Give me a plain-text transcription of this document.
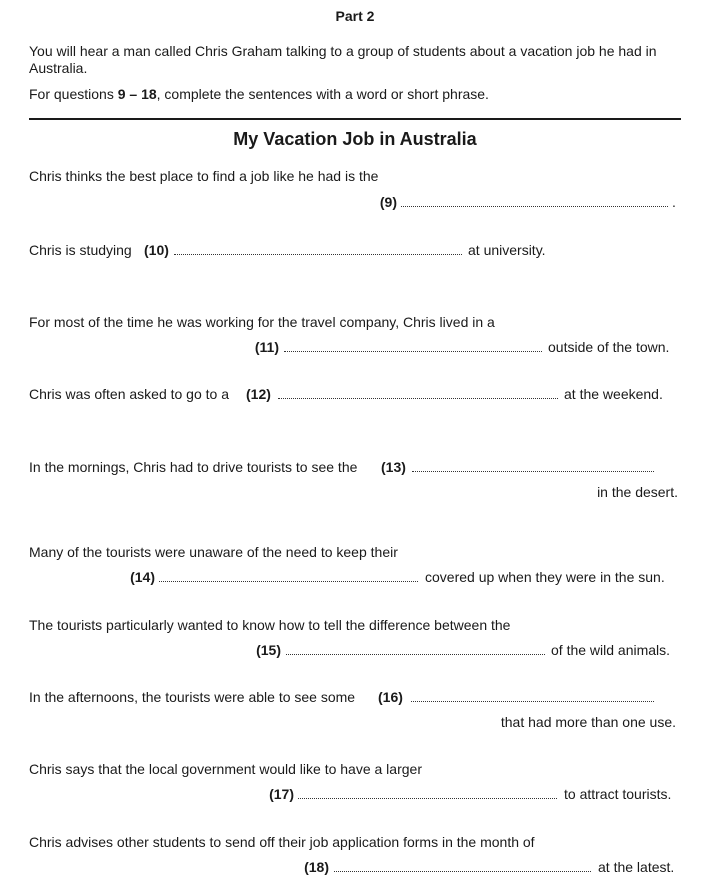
Part 2
You will hear a man called Chris Graham talking to a group of students about a vacation job he had in Australia.
For questions 9 – 18, complete the sentences with a word or short phrase.
My Vacation Job in Australia
Chris thinks the best place to find a job like he had is the
(9)	.
Chris is studying (10)	at university.
For most of the time he was working for the travel company, Chris lived in a
(11)	outside of the town.
Chris was often asked to go to a (12)	at the weekend.
In the mornings, Chris had to drive tourists to see the (13)
in the desert.
Many of the tourists were unaware of the need to keep their
(14)	covered up when they were in the sun.
The tourists particularly wanted to know how to tell the difference between the
(15)	of the wild animals.
In the afternoons, the tourists were able to see some (16)
that had more than one use.
Chris says that the local government would like to have a larger
(17)	to attract tourists.
Chris advises other students to send off their job application forms in the month of
(18)	at the latest.
